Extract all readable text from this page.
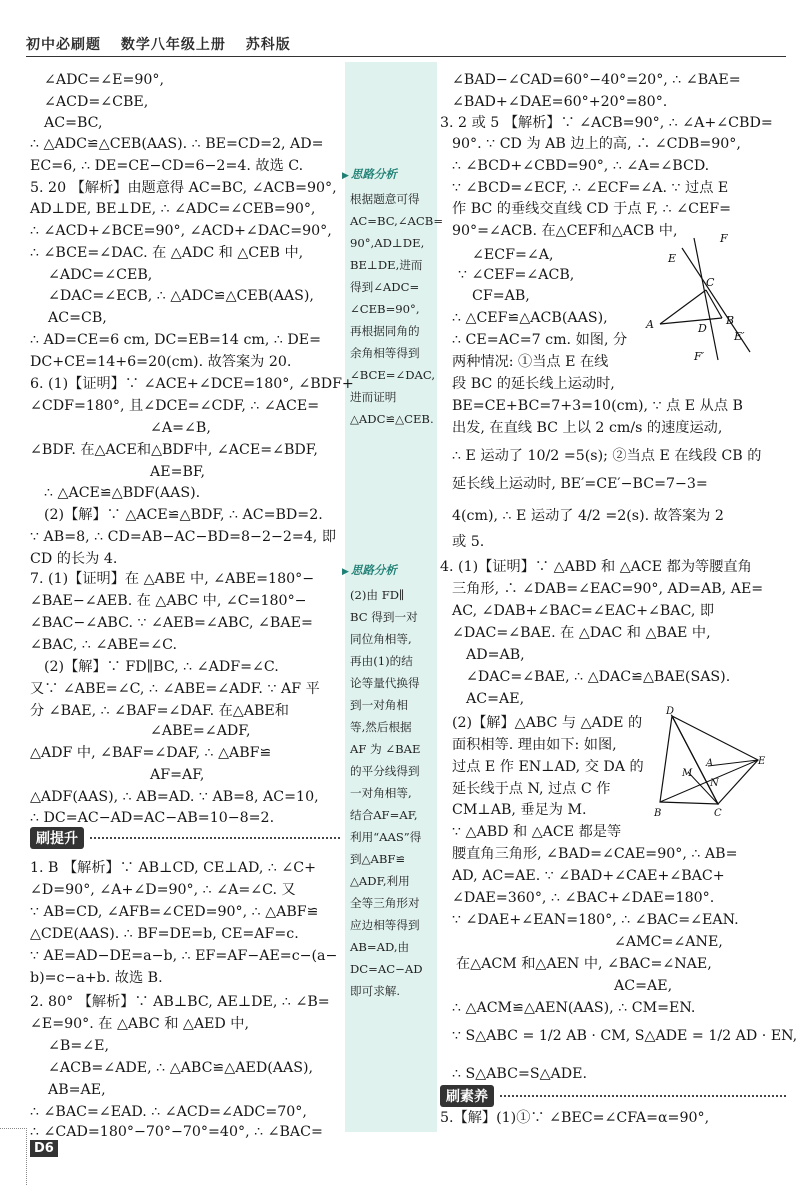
初中必刷题 数学八年级上册 苏科版
▶ 思路分析
根据题意可得
AC=BC,∠ACB=
90°,AD⊥DE,
BE⊥DE,进而
得到∠ADC=
∠CEB=90°,
再根据同角的
余角相等得到
∠BCE=∠DAC,
进而证明
△ADC≌△CEB.
▶ 思路分析
(2)由 FD∥
BC 得到一对
同位角相等,
再由(1)的结
论等量代换得
到一对角相
等,然后根据
AF 为 ∠BAE
的平分线得到
一对角相等,
结合AF=AF,
利用“AAS”得
到△ABF≌
△ADF,利用
全等三角形对
应边相等得到
AB=AD,由
DC=AC−AD
即可求解.
∠ADC=∠E=90°,
∠ACD=∠CBE,
AC=BC,
∴ △ADC≌△CEB(AAS). ∴ BE=CD=2, AD=
EC=6, ∴ DE=CE−CD=6−2=4. 故选 C.
5. 20 【解析】由题意得 AC=BC, ∠ACB=90°,
AD⊥DE, BE⊥DE, ∴ ∠ADC=∠CEB=90°,
∴ ∠ACD+∠BCE=90°, ∠ACD+∠DAC=90°,
∴ ∠BCE=∠DAC. 在 △ADC 和 △CEB 中,
∠ADC=∠CEB,
∠DAC=∠ECB, ∴ △ADC≌△CEB(AAS),
AC=CB,
∴ AD=CE=6 cm, DC=EB=14 cm, ∴ DE=
DC+CE=14+6=20(cm). 故答案为 20.
6. (1)【证明】∵ ∠ACE+∠DCE=180°, ∠BDF+
∠CDF=180°, 且∠DCE=∠CDF, ∴ ∠ACE=
∠A=∠B,
∠BDF. 在△ACE和△BDF中, ∠ACE=∠BDF,
AE=BF,
∴ △ACE≌△BDF(AAS).
(2)【解】∵ △ACE≌△BDF, ∴ AC=BD=2.
∵ AB=8, ∴ CD=AB−AC−BD=8−2−2=4, 即
CD 的长为 4.
7. (1)【证明】在 △ABE 中, ∠ABE=180°−
∠BAE−∠AEB. 在 △ABC 中, ∠C=180°−
∠BAC−∠ABC. ∵ ∠AEB=∠ABC, ∠BAE=
∠BAC, ∴ ∠ABE=∠C.
(2)【解】∵ FD∥BC, ∴ ∠ADF=∠C.
又∵ ∠ABE=∠C, ∴ ∠ABE=∠ADF. ∵ AF 平
分 ∠BAE, ∴ ∠BAF=∠DAF. 在△ABE和
∠ABE=∠ADF,
△ADF 中, ∠BAF=∠DAF, ∴ △ABF≌
AF=AF,
△ADF(AAS), ∴ AB=AD. ∵ AB=8, AC=10,
∴ DC=AC−AD=AC−AB=10−8=2.
1. B 【解析】∵ AB⊥CD, CE⊥AD, ∴ ∠C+
∠D=90°, ∠A+∠D=90°, ∴ ∠A=∠C. 又
∵ AB=CD, ∠AFB=∠CED=90°, ∴ △ABF≌
△CDE(AAS). ∴ BF=DE=b, CE=AF=c.
∵ AE=AD−DE=a−b, ∴ EF=AF−AE=c−(a−
b)=c−a+b. 故选 B.
2. 80° 【解析】∵ AB⊥BC, AE⊥DE, ∴ ∠B=
∠E=90°. 在 △ABC 和 △AED 中,
∠B=∠E,
∠ACB=∠ADE, ∴ △ABC≌△AED(AAS),
AB=AE,
∴ ∠BAC=∠EAD. ∴ ∠ACD=∠ADC=70°,
∴ ∠CAD=180°−70°−70°=40°, ∴ ∠BAC=
∠BAD−∠CAD=60°−40°=20°, ∴ ∠BAE=
∠BAD+∠DAE=60°+20°=80°.
3. 2 或 5 【解析】∵ ∠ACB=90°, ∴ ∠A+∠CBD=
90°. ∵ CD 为 AB 边上的高, ∴ ∠CDB=90°,
∴ ∠BCD+∠CBD=90°, ∴ ∠A=∠BCD.
∵ ∠BCD=∠ECF, ∴ ∠ECF=∠A. ∵ 过点 E
作 BC 的垂线交直线 CD 于点 F, ∴ ∠CEF=
90°=∠ACB. 在△CEF和△ACB 中,
∠ECF=∠A,
∵ ∠CEF=∠ACB,
CF=AB,
∴ △CEF≌△ACB(AAS),
∴ CE=AC=7 cm. 如图, 分
两种情况: ①当点 E 在线
段 BC 的延长线上运动时,
BE=CE+BC=7+3=10(cm), ∵ 点 E 从点 B
出发, 在直线 BC 上以 2 cm/s 的速度运动,
∴ E 运动了 10/2 =5(s); ②当点 E 在线段 CB 的
延长线上运动时, BE′=CE′−BC=7−3=
4(cm), ∴ E 运动了 4/2 =2(s). 故答案为 2
或 5.
4. (1)【证明】∵ △ABD 和 △ACE 都为等腰直角
三角形, ∴ ∠DAB=∠EAC=90°, AD=AB, AE=
AC, ∠DAB+∠BAC=∠EAC+∠BAC, 即
∠DAC=∠BAE. 在 △DAC 和 △BAE 中,
AD=AB,
∠DAC=∠BAE, ∴ △DAC≌△BAE(SAS).
AC=AE,
(2)【解】△ABC 与 △ADE 的
面积相等. 理由如下: 如图,
过点 E 作 EN⊥AD, 交 DA 的
延长线于点 N, 过点 C 作
CM⊥AB, 垂足为 M.
∵ △ABD 和 △ACE 都是等
腰直角三角形, ∠BAD=∠CAE=90°, ∴ AB=
AD, AC=AE. ∵ ∠BAD+∠CAE+∠BAC+
∠DAE=360°, ∴ ∠BAC+∠DAE=180°.
∵ ∠DAE+∠EAN=180°, ∴ ∠BAC=∠EAN.
∠AMC=∠ANE,
在△ACM 和△AEN 中, ∠BAC=∠NAE,
AC=AE,
∴ △ACM≌△AEN(AAS), ∴ CM=EN.
∵ S△ABC = 1/2 AB · CM, S△ADE = 1/2 AD · EN,
∴ S△ABC=S△ADE.
5.【解】(1)①∵ ∠BEC=∠CFA=α=90°,
刷提升
刷素养
F
E
C
A	D
B
E′
F′
D
E
A
M
N
B	C
D6
